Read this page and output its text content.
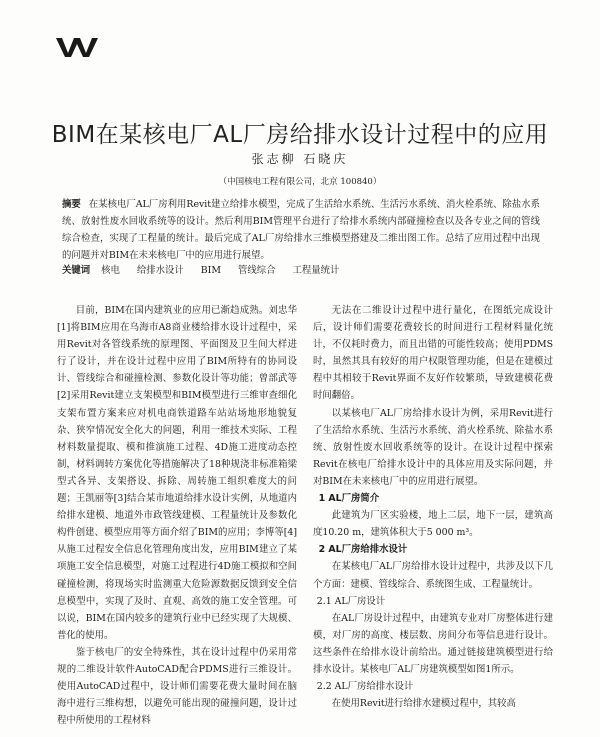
BIM在某核电厂AL厂房给排水设计过程中的应用
张志柳 石晓庆
（中国核电工程有限公司，北京 100840）

摘要 在某核电厂AL厂房利用Revit建立给排水模型，完成了生活给水系统、生活污水系统、消火栓系统、除盐水系统、放射性废水回收系统等的设计。然后利用BIM管理平台进行了给排水系统内部碰撞检查以及各专业之间的管线综合检查，实现了工程量的统计。最后完成了AL厂房给排水三维模型搭建及二维出图工作。总结了应用过程中出现的问题并对BIM在未来核电厂中的应用进行展望。

关键词 核电 给排水设计 BIM 管线综合 工程量统计

目前，BIM在国内建筑业的应用已渐趋成熟。刘忠华[1]将BIM应用在乌海市A8商业楼给排水设计过程中，采用Revit对各管线系统的原理图、平面图及卫生间大样进行了设计，并在设计过程中应用了BIM所特有的协同设计、管线综合和碰撞检测、参数化设计等功能；曾部武等[2]采用Revit建立支架模型和BIM模型进行三维审查细化支架布置方案来应对机电商铁道路车站站场地形地貌复杂、狭窄情况安全化大的问题，利用一维技术实际、工程材料数量提取、模和推演施工过程、4D施工进度动态控制，材料调转方案优化等措施解决了18种规浇非标准箱梁型式各异、支架搭设、拆除、周转施工组织难度大的问题；王凯丽等[3]结合某市地道给排水设计实例，从地道内给排水建模、地道外市政管线建模、工程量统计及参数化构件创建、模型应用等方面介绍了BIM的应用；李博等[4]从施工过程安全信息化管理角度出发，应用BIM建立了某项施工安全信息模型，对施工过程进行4D施工模拟和空间碰撞检测，将现场实时监测重大危险源数据反馈到安全信息模型中，实现了及时、直观、高效的施工安全管理。可以说，BIM在国内较多的建筑行业中已经实现了大规模、普化的使用。

鉴于核电厂的安全特殊性，其在设计过程中仍采用常规的二维设计软件AutoCAD配合PDMS进行三维设计。使用AutoCAD过程中，设计师们需要花费大量时间在脑海中进行三维构想，以避免可能出现的碰撞问题，设计过程中所使用的工程材料

无法在二维设计过程中进行量化，在图纸完成设计后，设计师们需要花费较长的时间进行工程材料量化统计，不仅耗时费力，而且出错的可能性较高；使用PDMS时，虽然其具有较好的用户权限管理功能，但是在建模过程中其相较于Revit界面不友好作较繁琐，导致建模花费时间翻倍。

以某核电厂AL厂房给排水设计为例，采用Revit进行了生活给水系统、生活污水系统、消火栓系统、除盐水系统、放射性废水回收系统等的设计。在设计过程中探索Revit在核电厂给排水设计中的具体应用及实际问题，并对BIM在未来核电厂中的应用进行展望。

1 AL厂房简介

此建筑为厂区实验楼，地上二层，地下一层，建筑高度10.20 m，建筑体积大于5 000 m³。

2 AL厂房给排水设计

在某核电厂AL厂房给排水设计过程中，共涉及以下几个方面：建模、管线综合、系统图生成、工程量统计。

2.1 AL厂房设计

在AL厂房设计过程中，由建筑专业对厂房整体进行建模，对厂房的高度、楼层数、房间分布等信息进行设计。这些条件在给排水设计前给出。通过链接建筑模型进行给排水设计。某核电厂AL厂房建筑模型如图1所示。

2.2 AL厂房给排水设计

在使用Revit进行给排水建模过程中，其较高
